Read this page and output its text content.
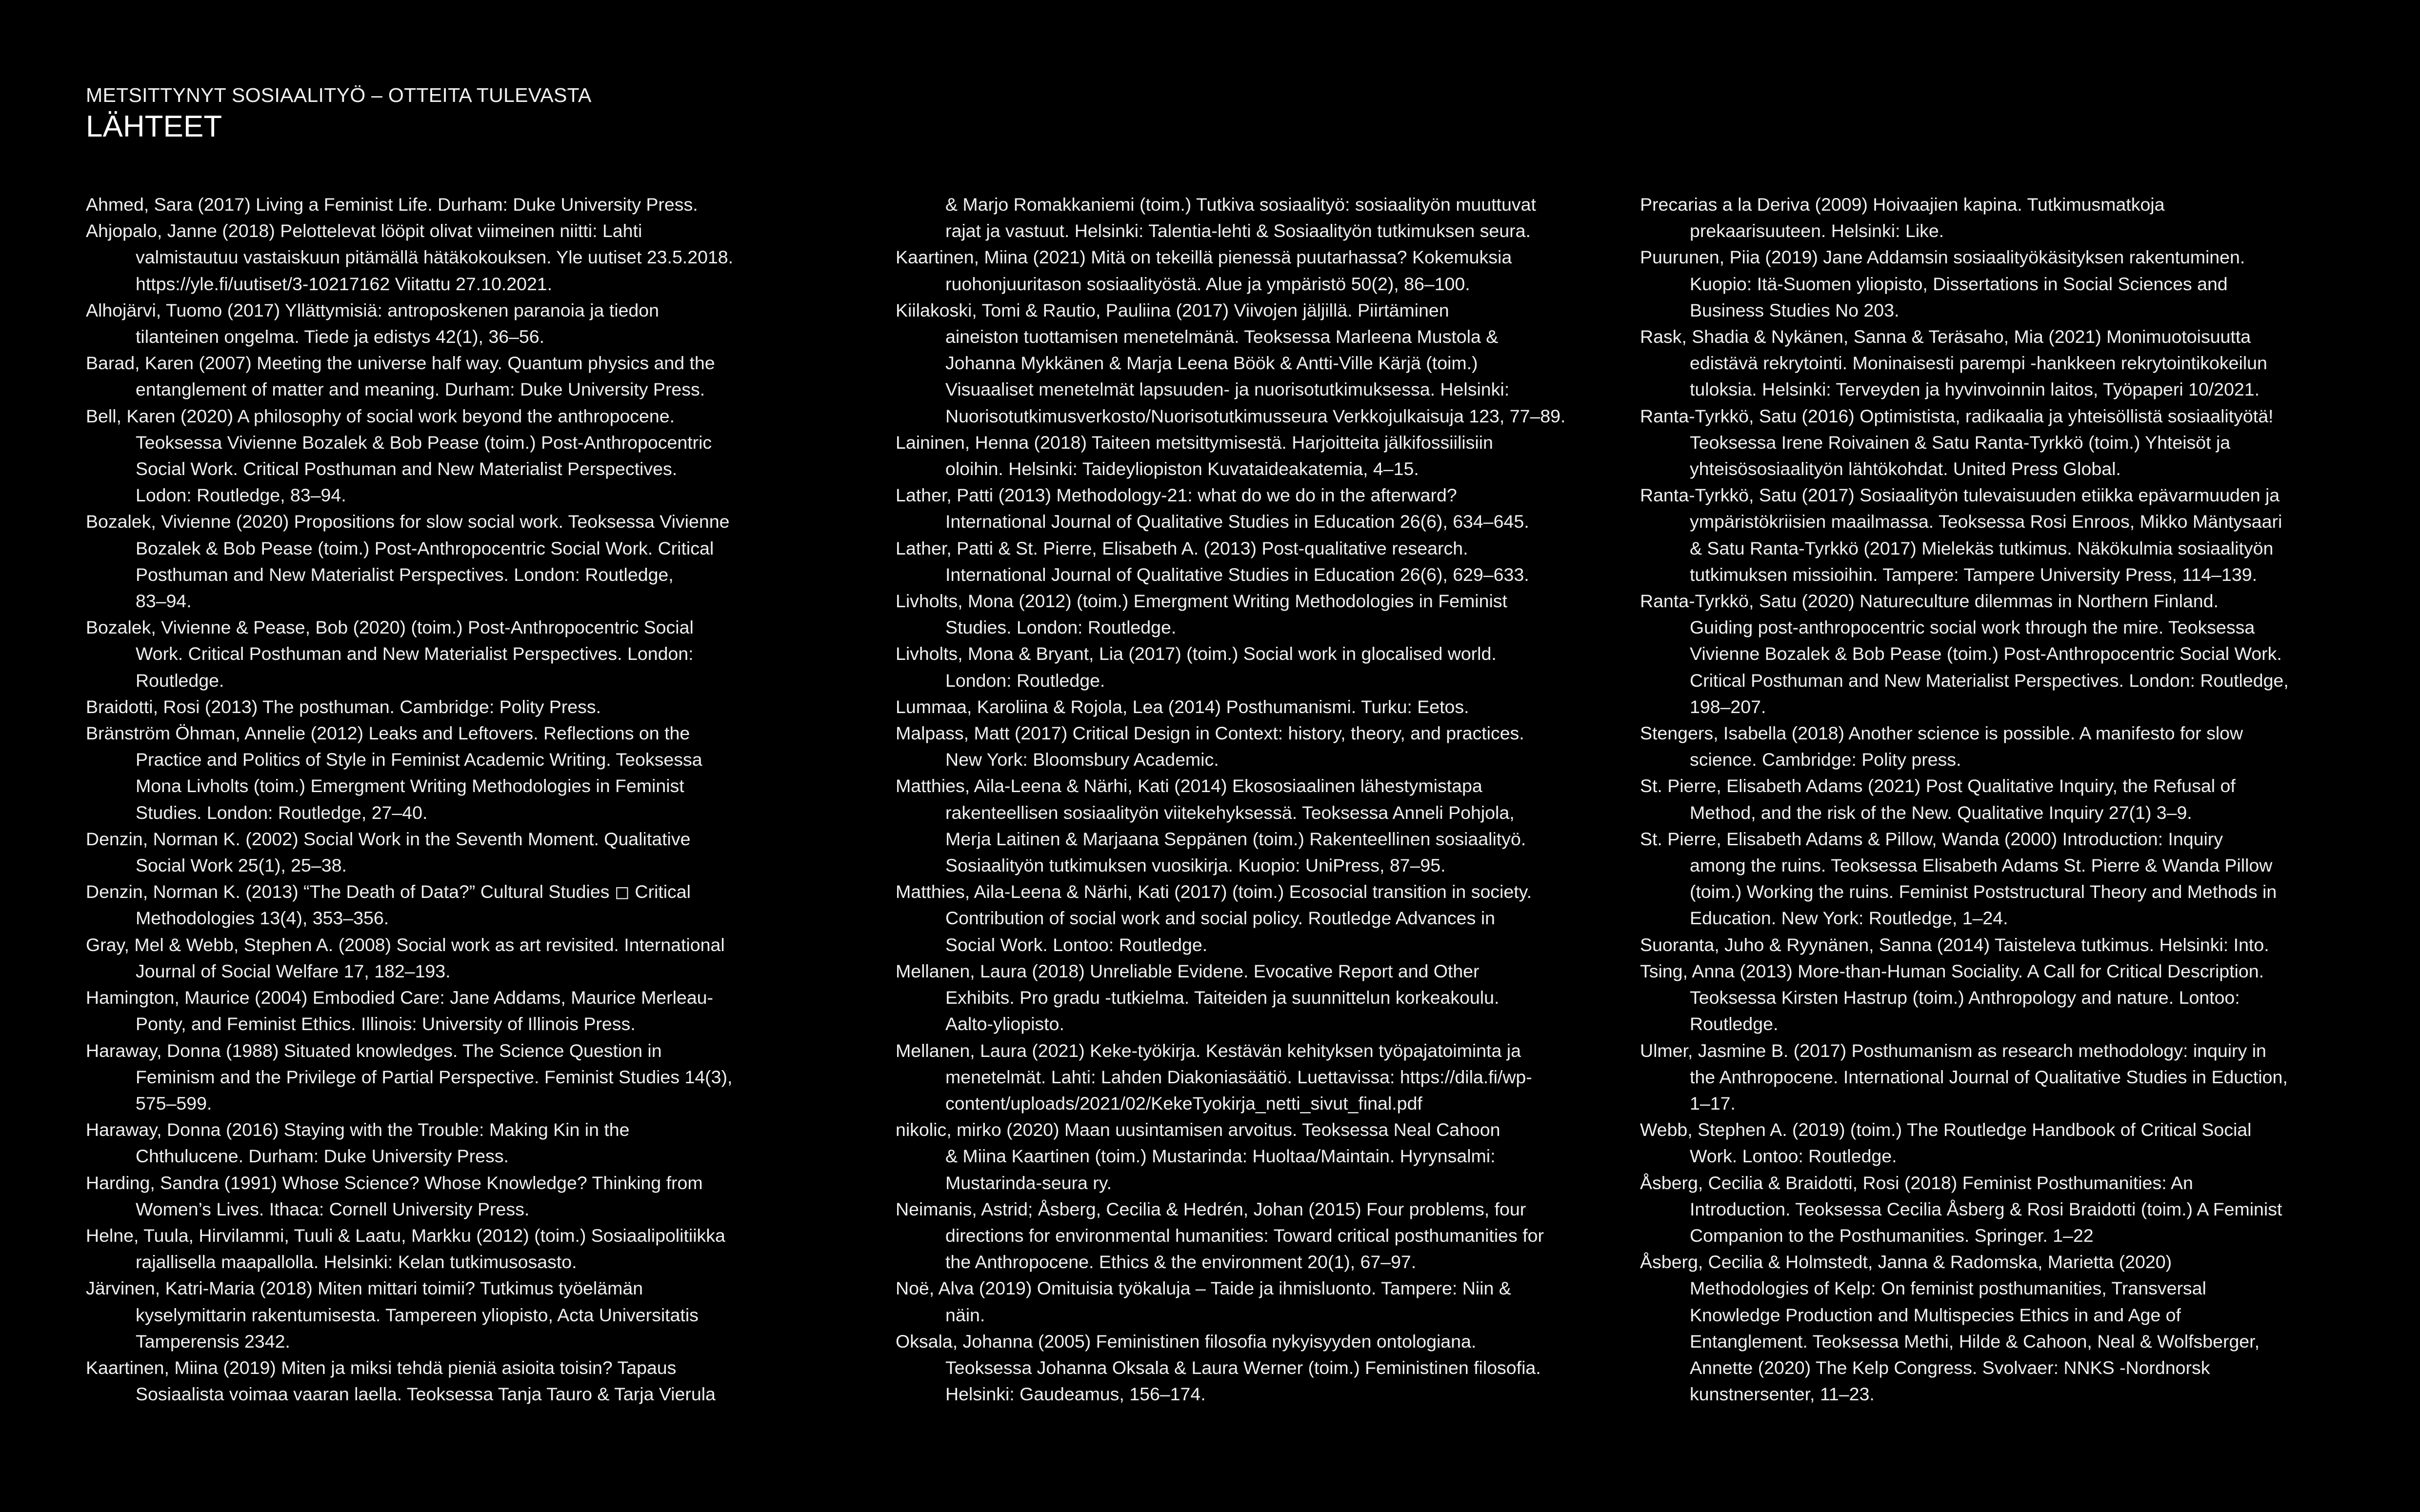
METSITTYNYT SOSIAALITYÖ – OTTEITA TULEVASTA
LÄHTEET

Ahmed, Sara (2017) Living a Feminist Life. Durham: Duke University Press.

Ahjopalo, Janne (2018) Pelottelevat lööpit olivat viimeinen niitti: Lahti
valmistautuu vastaiskuun pitämällä hätäkokouksen. Yle uutiset 23.5.2018.
https://yle.fi/uutiset/3-10217162 Viitattu 27.10.2021.

Alhojärvi, Tuomo (2017) Yllättymisiä: antroposkenen paranoia ja tiedon
tilanteinen ongelma. Tiede ja edistys 42(1), 36–56.

Barad, Karen (2007) Meeting the universe half way. Quantum physics and the
entanglement of matter and meaning. Durham: Duke University Press.

Bell, Karen (2020) A philosophy of social work beyond the anthropocene.
Teoksessa Vivienne Bozalek & Bob Pease (toim.) Post-Anthropocentric
Social Work. Critical Posthuman and New Materialist Perspectives.
Lodon: Routledge, 83–94.

Bozalek, Vivienne (2020) Propositions for slow social work. Teoksessa Vivienne
Bozalek & Bob Pease (toim.) Post-Anthropocentric Social Work. Critical
Posthuman and New Materialist Perspectives. London: Routledge,
83–94.

Bozalek, Vivienne & Pease, Bob (2020) (toim.) Post-Anthropocentric Social
Work. Critical Posthuman and New Materialist Perspectives. London:
Routledge.

Braidotti, Rosi (2013) The posthuman. Cambridge: Polity Press.

Bränström Öhman, Annelie (2012) Leaks and Leftovers. Reflections on the
Practice and Politics of Style in Feminist Academic Writing. Teoksessa
Mona Livholts (toim.) Emergment Writing Methodologies in Feminist
Studies. London: Routledge, 27–40.

Denzin, Norman K. (2002) Social Work in the Seventh Moment. Qualitative
Social Work 25(1), 25–38.

Denzin, Norman K. (2013) “The Death of Data?” Cultural Studies ◻ Critical
Methodologies 13(4), 353–356.

Gray, Mel & Webb, Stephen A. (2008) Social work as art revisited. International
Journal of Social Welfare 17, 182–193.

Hamington, Maurice (2004) Embodied Care: Jane Addams, Maurice Merleau-
Ponty, and Feminist Ethics. Illinois: University of Illinois Press.

Haraway, Donna (1988) Situated knowledges. The Science Question in
Feminism and the Privilege of Partial Perspective. Feminist Studies 14(3),
575–599.

Haraway, Donna (2016) Staying with the Trouble: Making Kin in the
Chthulucene. Durham: Duke University Press.

Harding, Sandra (1991) Whose Science? Whose Knowledge? Thinking from
Women’s Lives. Ithaca: Cornell University Press.

Helne, Tuula, Hirvilammi, Tuuli & Laatu, Markku (2012) (toim.) Sosiaalipolitiikka
rajallisella maapallolla. Helsinki: Kelan tutkimusosasto.

Järvinen, Katri-Maria (2018) Miten mittari toimii? Tutkimus työelämän
kyselymittarin rakentumisesta. Tampereen yliopisto, Acta Universitatis
Tamperensis 2342.

Kaartinen, Miina (2019) Miten ja miksi tehdä pieniä asioita toisin? Tapaus
Sosiaalista voimaa vaaran laella. Teoksessa Tanja Tauro & Tarja Vierula

& Marjo Romakkaniemi (toim.) Tutkiva sosiaalityö: sosiaalityön muuttuvat
rajat ja vastuut. Helsinki: Talentia-lehti & Sosiaalityön tutkimuksen seura.

Kaartinen, Miina (2021) Mitä on tekeillä pienessä puutarhassa? Kokemuksia
ruohonjuuritason sosiaalityöstä. Alue ja ympäristö 50(2), 86–100.

Kiilakoski, Tomi & Rautio, Pauliina (2017) Viivojen jäljillä. Piirtäminen
aineiston tuottamisen menetelmänä. Teoksessa Marleena Mustola &
Johanna Mykkänen & Marja Leena Böök & Antti-Ville Kärjä (toim.)
Visuaaliset menetelmät lapsuuden- ja nuorisotutkimuksessa. Helsinki:
Nuorisotutkimusverkosto/Nuorisotutkimusseura Verkkojulkaisuja 123, 77–89.

Laininen, Henna (2018) Taiteen metsittymisestä. Harjoitteita jälkifossiilisiin
oloihin. Helsinki: Taideyliopiston Kuvataideakatemia, 4–15.

Lather, Patti (2013) Methodology-21: what do we do in the afterward?
International Journal of Qualitative Studies in Education 26(6), 634–645.

Lather, Patti & St. Pierre, Elisabeth A. (2013) Post-qualitative research.
International Journal of Qualitative Studies in Education 26(6), 629–633.

Livholts, Mona (2012) (toim.) Emergment Writing Methodologies in Feminist
Studies. London: Routledge.

Livholts, Mona & Bryant, Lia (2017) (toim.) Social work in glocalised world.
London: Routledge.

Lummaa, Karoliina & Rojola, Lea (2014) Posthumanismi. Turku: Eetos.

Malpass, Matt (2017) Critical Design in Context: history, theory, and practices.
New York: Bloomsbury Academic.

Matthies, Aila-Leena & Närhi, Kati (2014) Ekososiaalinen lähestymistapa
rakenteellisen sosiaalityön viitekehyksessä. Teoksessa Anneli Pohjola,
Merja Laitinen & Marjaana Seppänen (toim.) Rakenteellinen sosiaalityö.
Sosiaalityön tutkimuksen vuosikirja. Kuopio: UniPress, 87–95.

Matthies, Aila-Leena & Närhi, Kati (2017) (toim.) Ecosocial transition in society.
Contribution of social work and social policy. Routledge Advances in
Social Work. Lontoo: Routledge.

Mellanen, Laura (2018) Unreliable Evidene. Evocative Report and Other
Exhibits. Pro gradu -tutkielma. Taiteiden ja suunnittelun korkeakoulu.
Aalto-yliopisto.

Mellanen, Laura (2021) Keke-työkirja. Kestävän kehityksen työpajatoiminta ja
menetelmät. Lahti: Lahden Diakoniasäätiö. Luettavissa: https://dila.fi/wp-
content/uploads/2021/02/KekeTyokirja_netti_sivut_final.pdf

nikolic, mirko (2020) Maan uusintamisen arvoitus. Teoksessa Neal Cahoon
& Miina Kaartinen (toim.) Mustarinda: Huoltaa/Maintain. Hyrynsalmi:
Mustarinda-seura ry.

Neimanis, Astrid; Åsberg, Cecilia & Hedrén, Johan (2015) Four problems, four
directions for environmental humanities: Toward critical posthumanities for
the Anthropocene. Ethics & the environment 20(1), 67–97.

Noë, Alva (2019) Omituisia työkaluja – Taide ja ihmisluonto. Tampere: Niin &
näin.

Oksala, Johanna (2005) Feministinen filosofia nykyisyyden ontologiana.
Teoksessa Johanna Oksala & Laura Werner (toim.) Feministinen filosofia.
Helsinki: Gaudeamus, 156–174.

Precarias a la Deriva (2009) Hoivaajien kapina. Tutkimusmatkoja
prekaarisuuteen. Helsinki: Like.

Puurunen, Piia (2019) Jane Addamsin sosiaalityökäsityksen rakentuminen.
Kuopio: Itä-Suomen yliopisto, Dissertations in Social Sciences and
Business Studies No 203.

Rask, Shadia & Nykänen, Sanna & Teräsaho, Mia (2021) Monimuotoisuutta
edistävä rekrytointi. Moninaisesti parempi -hankkeen rekrytointikokeilun
tuloksia. Helsinki: Terveyden ja hyvinvoinnin laitos, Työpaperi 10/2021.

Ranta-Tyrkkö, Satu (2016) Optimistista, radikaalia ja yhteisöllistä sosiaalityötä!
Teoksessa Irene Roivainen & Satu Ranta-Tyrkkö (toim.) Yhteisöt ja
yhteisösosiaalityön lähtökohdat. United Press Global.

Ranta-Tyrkkö, Satu (2017) Sosiaalityön tulevaisuuden etiikka epävarmuuden ja
ympäristökriisien maailmassa. Teoksessa Rosi Enroos, Mikko Mäntysaari
& Satu Ranta-Tyrkkö (2017) Mielekäs tutkimus. Näkökulmia sosiaalityön
tutkimuksen missioihin. Tampere: Tampere University Press, 114–139.

Ranta-Tyrkkö, Satu (2020) Natureculture dilemmas in Northern Finland.
Guiding post-anthropocentric social work through the mire. Teoksessa
Vivienne Bozalek & Bob Pease (toim.) Post-Anthropocentric Social Work.
Critical Posthuman and New Materialist Perspectives. London: Routledge,
198–207.

Stengers, Isabella (2018) Another science is possible. A manifesto for slow
science. Cambridge: Polity press.

St. Pierre, Elisabeth Adams (2021) Post Qualitative Inquiry, the Refusal of
Method, and the risk of the New. Qualitative Inquiry 27(1) 3–9.

St. Pierre, Elisabeth Adams & Pillow, Wanda (2000) Introduction: Inquiry
among the ruins. Teoksessa Elisabeth Adams St. Pierre & Wanda Pillow
(toim.) Working the ruins. Feminist Poststructural Theory and Methods in
Education. New York: Routledge, 1–24.

Suoranta, Juho & Ryynänen, Sanna (2014) Taisteleva tutkimus. Helsinki: Into.

Tsing, Anna (2013) More-than-Human Sociality. A Call for Critical Description.
Teoksessa Kirsten Hastrup (toim.) Anthropology and nature. Lontoo:
Routledge.

Ulmer, Jasmine B. (2017) Posthumanism as research methodology: inquiry in
the Anthropocene. International Journal of Qualitative Studies in Eduction,
1–17.

Webb, Stephen A. (2019) (toim.) The Routledge Handbook of Critical Social
Work. Lontoo: Routledge.

Åsberg, Cecilia & Braidotti, Rosi (2018) Feminist Posthumanities: An
Introduction. Teoksessa Cecilia Åsberg & Rosi Braidotti (toim.) A Feminist
Companion to the Posthumanities. Springer. 1–22

Åsberg, Cecilia & Holmstedt, Janna & Radomska, Marietta (2020)
Methodologies of Kelp: On feminist posthumanities, Transversal
Knowledge Production and Multispecies Ethics in and Age of
Entanglement. Teoksessa Methi, Hilde & Cahoon, Neal & Wolfsberger,
Annette (2020) The Kelp Congress. Svolvaer: NNKS -Nordnorsk
kunstnersenter, 11–23.
